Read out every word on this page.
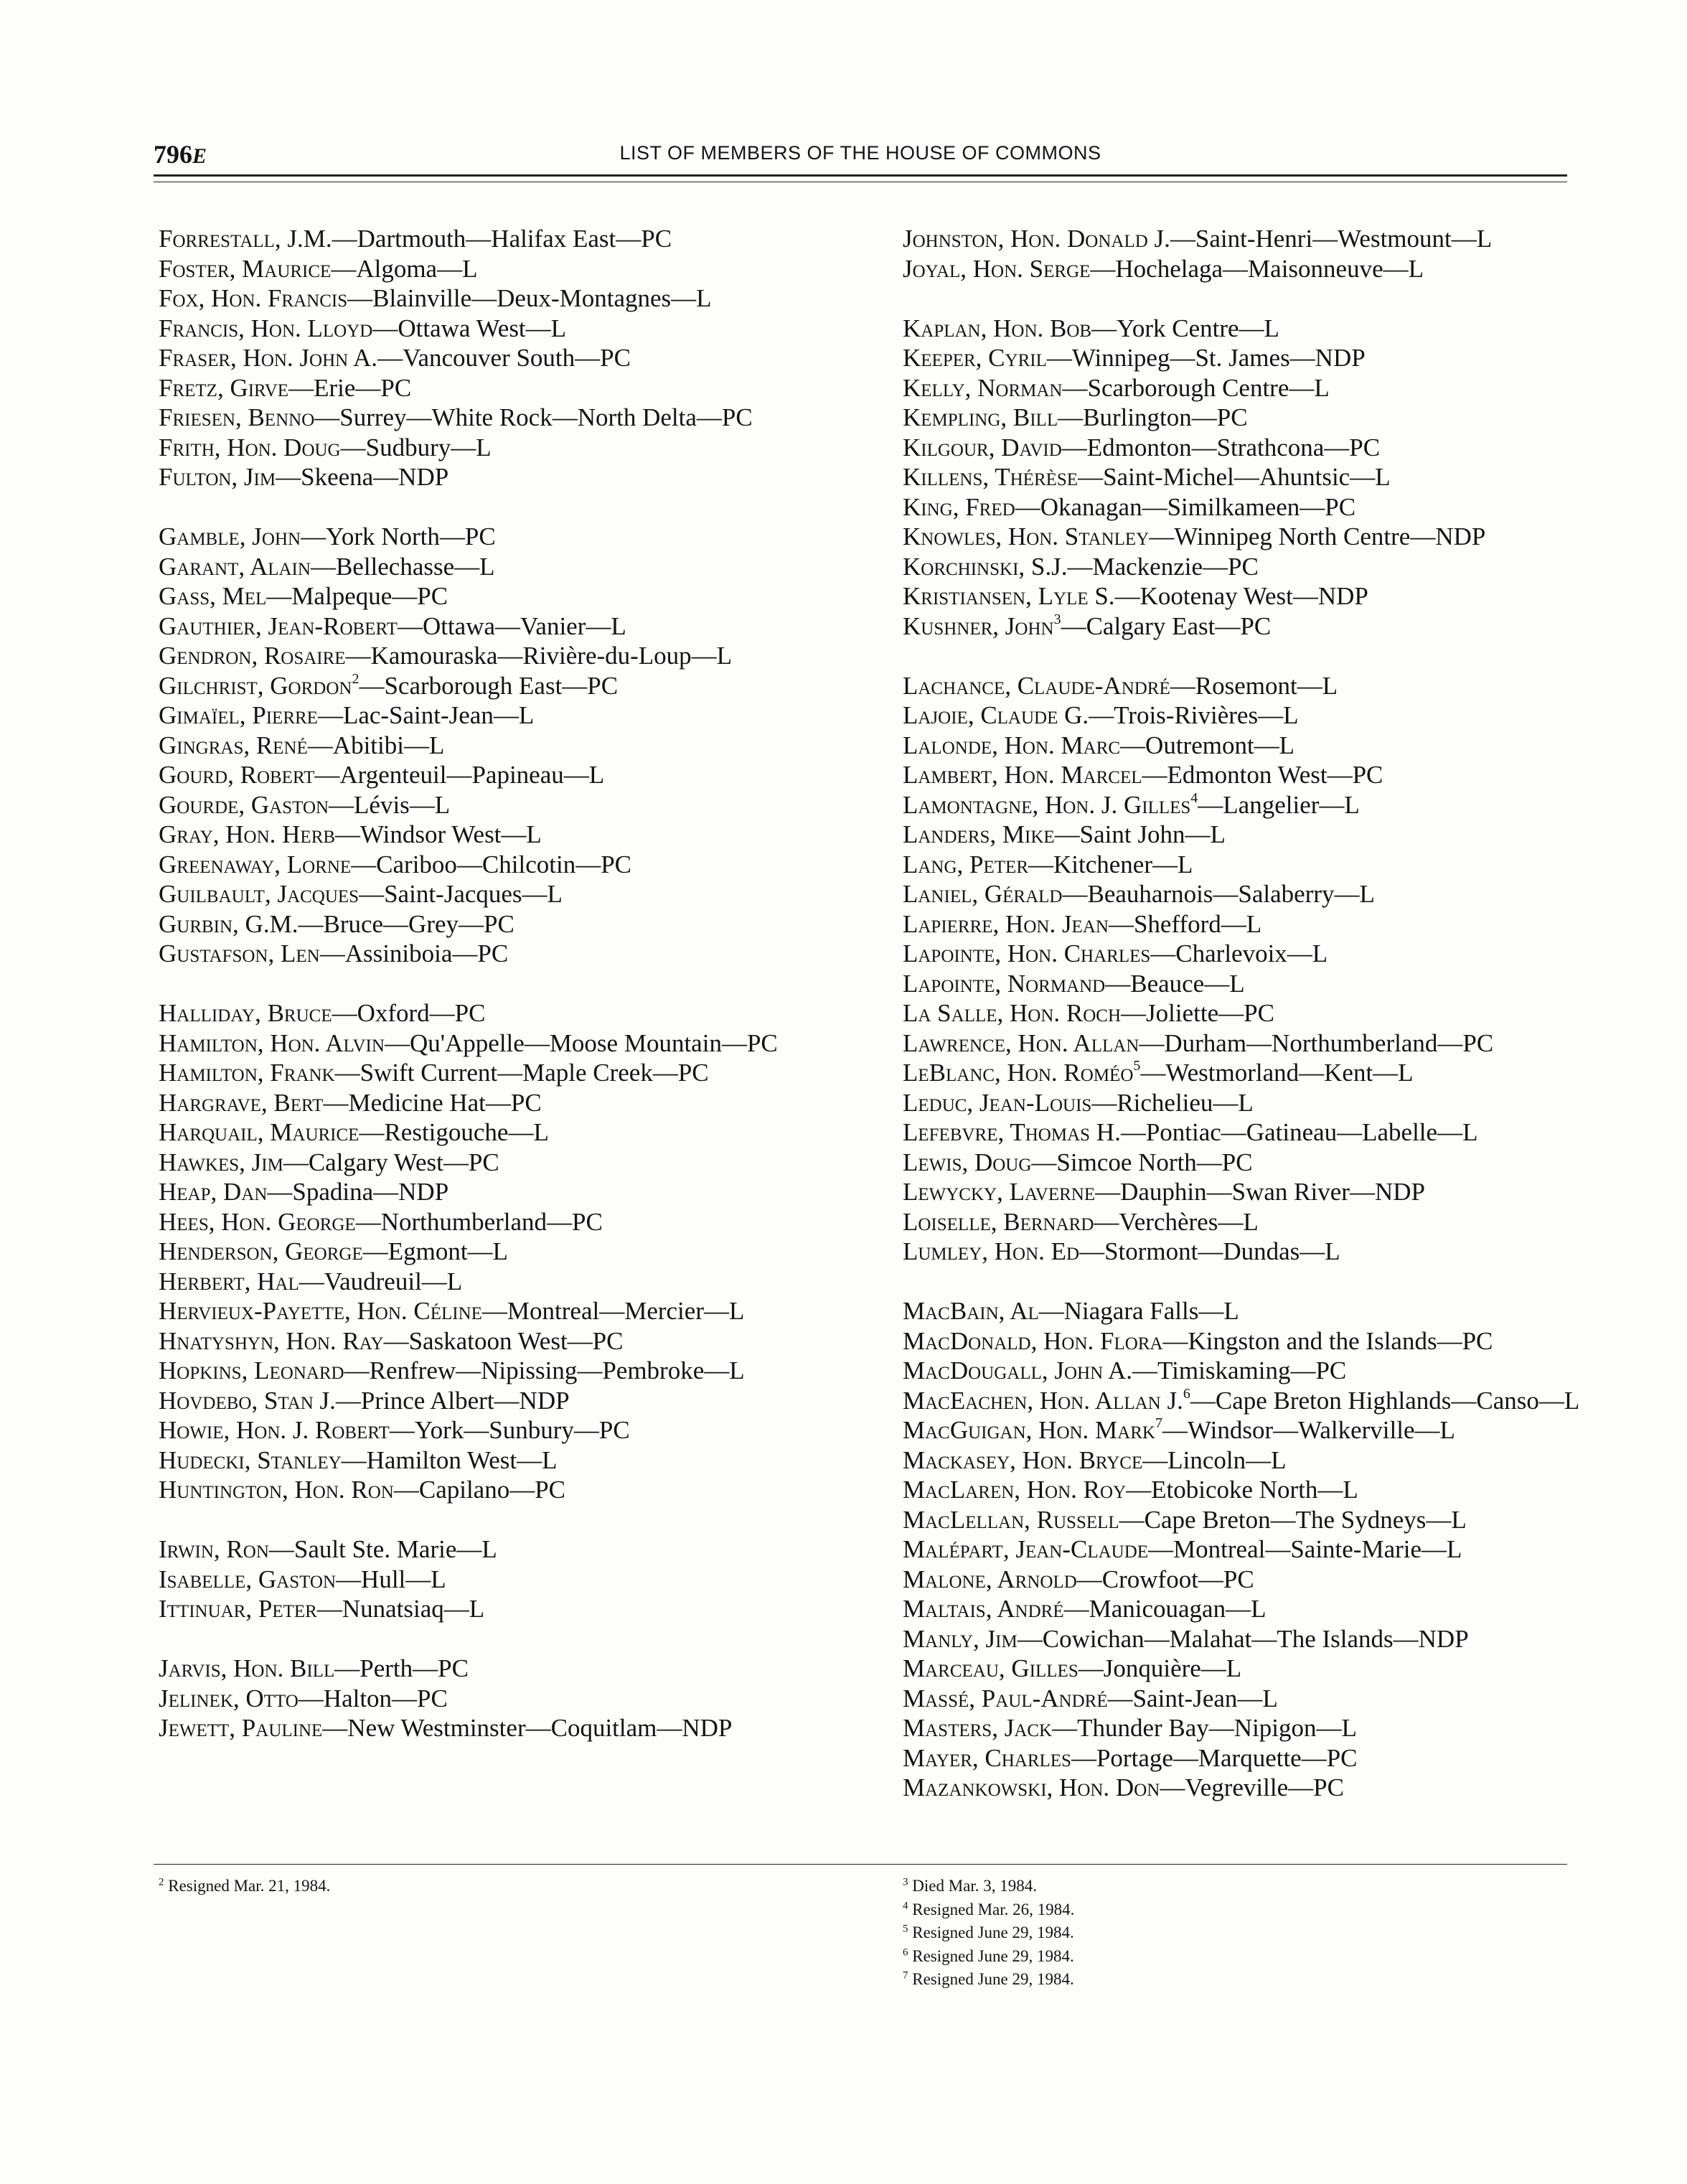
796E	LIST OF MEMBERS OF THE HOUSE OF COMMONS
Forrestall, J.M.—Dartmouth—Halifax East—PC
Foster, Maurice—Algoma—L
Fox, Hon. Francis—Blainville—Deux-Montagnes—L
Francis, Hon. Lloyd—Ottawa West—L
Fraser, Hon. John A.—Vancouver South—PC
Fretz, Girve—Erie—PC
Friesen, Benno—Surrey—White Rock—North Delta—PC
Frith, Hon. Doug—Sudbury—L
Fulton, Jim—Skeena—NDP
Gamble, John—York North—PC
Garant, Alain—Bellechasse—L
Gass, Mel—Malpeque—PC
Gauthier, Jean-Robert—Ottawa—Vanier—L
Gendron, Rosaire—Kamouraska—Rivière-du-Loup—L
Gilchrist, Gordon$^2$—Scarborough East—PC
Gimaïel, Pierre—Lac-Saint-Jean—L
Gingras, René—Abitibi—L
Gourd, Robert—Argenteuil—Papineau—L
Gourde, Gaston—Lévis—L
Gray, Hon. Herb—Windsor West—L
Greenaway, Lorne—Cariboo—Chilcotin—PC
Guilbault, Jacques—Saint-Jacques—L
Gurbin, G.M.—Bruce—Grey—PC
Gustafson, Len—Assiniboia—PC
Halliday, Bruce—Oxford—PC
Hamilton, Hon. Alvin—Qu'Appelle—Moose Mountain—PC
Hamilton, Frank—Swift Current—Maple Creek—PC
Hargrave, Bert—Medicine Hat—PC
Harquail, Maurice—Restigouche—L
Hawkes, Jim—Calgary West—PC
Heap, Dan—Spadina—NDP
Hees, Hon. George—Northumberland—PC
Henderson, George—Egmont—L
Herbert, Hal—Vaudreuil—L
Hervieux-Payette, Hon. Céline—Montreal—Mercier—L
Hnatyshyn, Hon. Ray—Saskatoon West—PC
Hopkins, Leonard—Renfrew—Nipissing—Pembroke—L
Hovdebo, Stan J.—Prince Albert—NDP
Howie, Hon. J. Robert—York—Sunbury—PC
Hudecki, Stanley—Hamilton West—L
Huntington, Hon. Ron—Capilano—PC
Irwin, Ron—Sault Ste. Marie—L
Isabelle, Gaston—Hull—L
Ittinuar, Peter—Nunatsiaq—L
Jarvis, Hon. Bill—Perth—PC
Jelinek, Otto—Halton—PC
Jewett, Pauline—New Westminster—Coquitlam—NDP
Johnston, Hon. Donald J.—Saint-Henri—Westmount—L
Joyal, Hon. Serge—Hochelaga—Maisonneuve—L
Kaplan, Hon. Bob—York Centre—L
Keeper, Cyril—Winnipeg—St. James—NDP
Kelly, Norman—Scarborough Centre—L
Kempling, Bill—Burlington—PC
Kilgour, David—Edmonton—Strathcona—PC
Killens, Thérèse—Saint-Michel—Ahuntsic—L
King, Fred—Okanagan—Similkameen—PC
Knowles, Hon. Stanley—Winnipeg North Centre—NDP
Korchinski, S.J.—Mackenzie—PC
Kristiansen, Lyle S.—Kootenay West—NDP
Kushner, John$^3$—Calgary East—PC
Lachance, Claude-André—Rosemont—L
Lajoie, Claude G.—Trois-Rivières—L
Lalonde, Hon. Marc—Outremont—L
Lambert, Hon. Marcel—Edmonton West—PC
Lamontagne, Hon. J. Gilles$^4$—Langelier—L
Landers, Mike—Saint John—L
Lang, Peter—Kitchener—L
Laniel, Gérald—Beauharnois—Salaberry—L
Lapierre, Hon. Jean—Shefford—L
Lapointe, Hon. Charles—Charlevoix—L
Lapointe, Normand—Beauce—L
La Salle, Hon. Roch—Joliette—PC
Lawrence, Hon. Allan—Durham—Northumberland—PC
LeBlanc, Hon. Roméo$^5$—Westmorland—Kent—L
Leduc, Jean-Louis—Richelieu—L
Lefebvre, Thomas H.—Pontiac—Gatineau—Labelle—L
Lewis, Doug—Simcoe North—PC
Lewycky, Laverne—Dauphin—Swan River—NDP
Loiselle, Bernard—Verchères—L
Lumley, Hon. Ed—Stormont—Dundas—L
MacBain, Al—Niagara Falls—L
MacDonald, Hon. Flora—Kingston and the Islands—PC
MacDougall, John A.—Timiskaming—PC
MacEachen, Hon. Allan J.$^6$—Cape Breton Highlands—Canso—L
MacGuigan, Hon. Mark$^7$—Windsor—Walkerville—L
Mackasey, Hon. Bryce—Lincoln—L
MacLaren, Hon. Roy—Etobicoke North—L
MacLellan, Russell—Cape Breton—The Sydneys—L
Malépart, Jean-Claude—Montreal—Sainte-Marie—L
Malone, Arnold—Crowfoot—PC
Maltais, André—Manicouagan—L
Manly, Jim—Cowichan—Malahat—The Islands—NDP
Marceau, Gilles—Jonquière—L
Massé, Paul-André—Saint-Jean—L
Masters, Jack—Thunder Bay—Nipigon—L
Mayer, Charles—Portage—Marquette—PC
Mazankowski, Hon. Don—Vegreville—PC
$^2$ Resigned Mar. 21, 1984.	$^3$ Died Mar. 3, 1984.
$^4$ Resigned Mar. 26, 1984.
$^5$ Resigned June 29, 1984.
$^6$ Resigned June 29, 1984.
$^7$ Resigned June 29, 1984.
